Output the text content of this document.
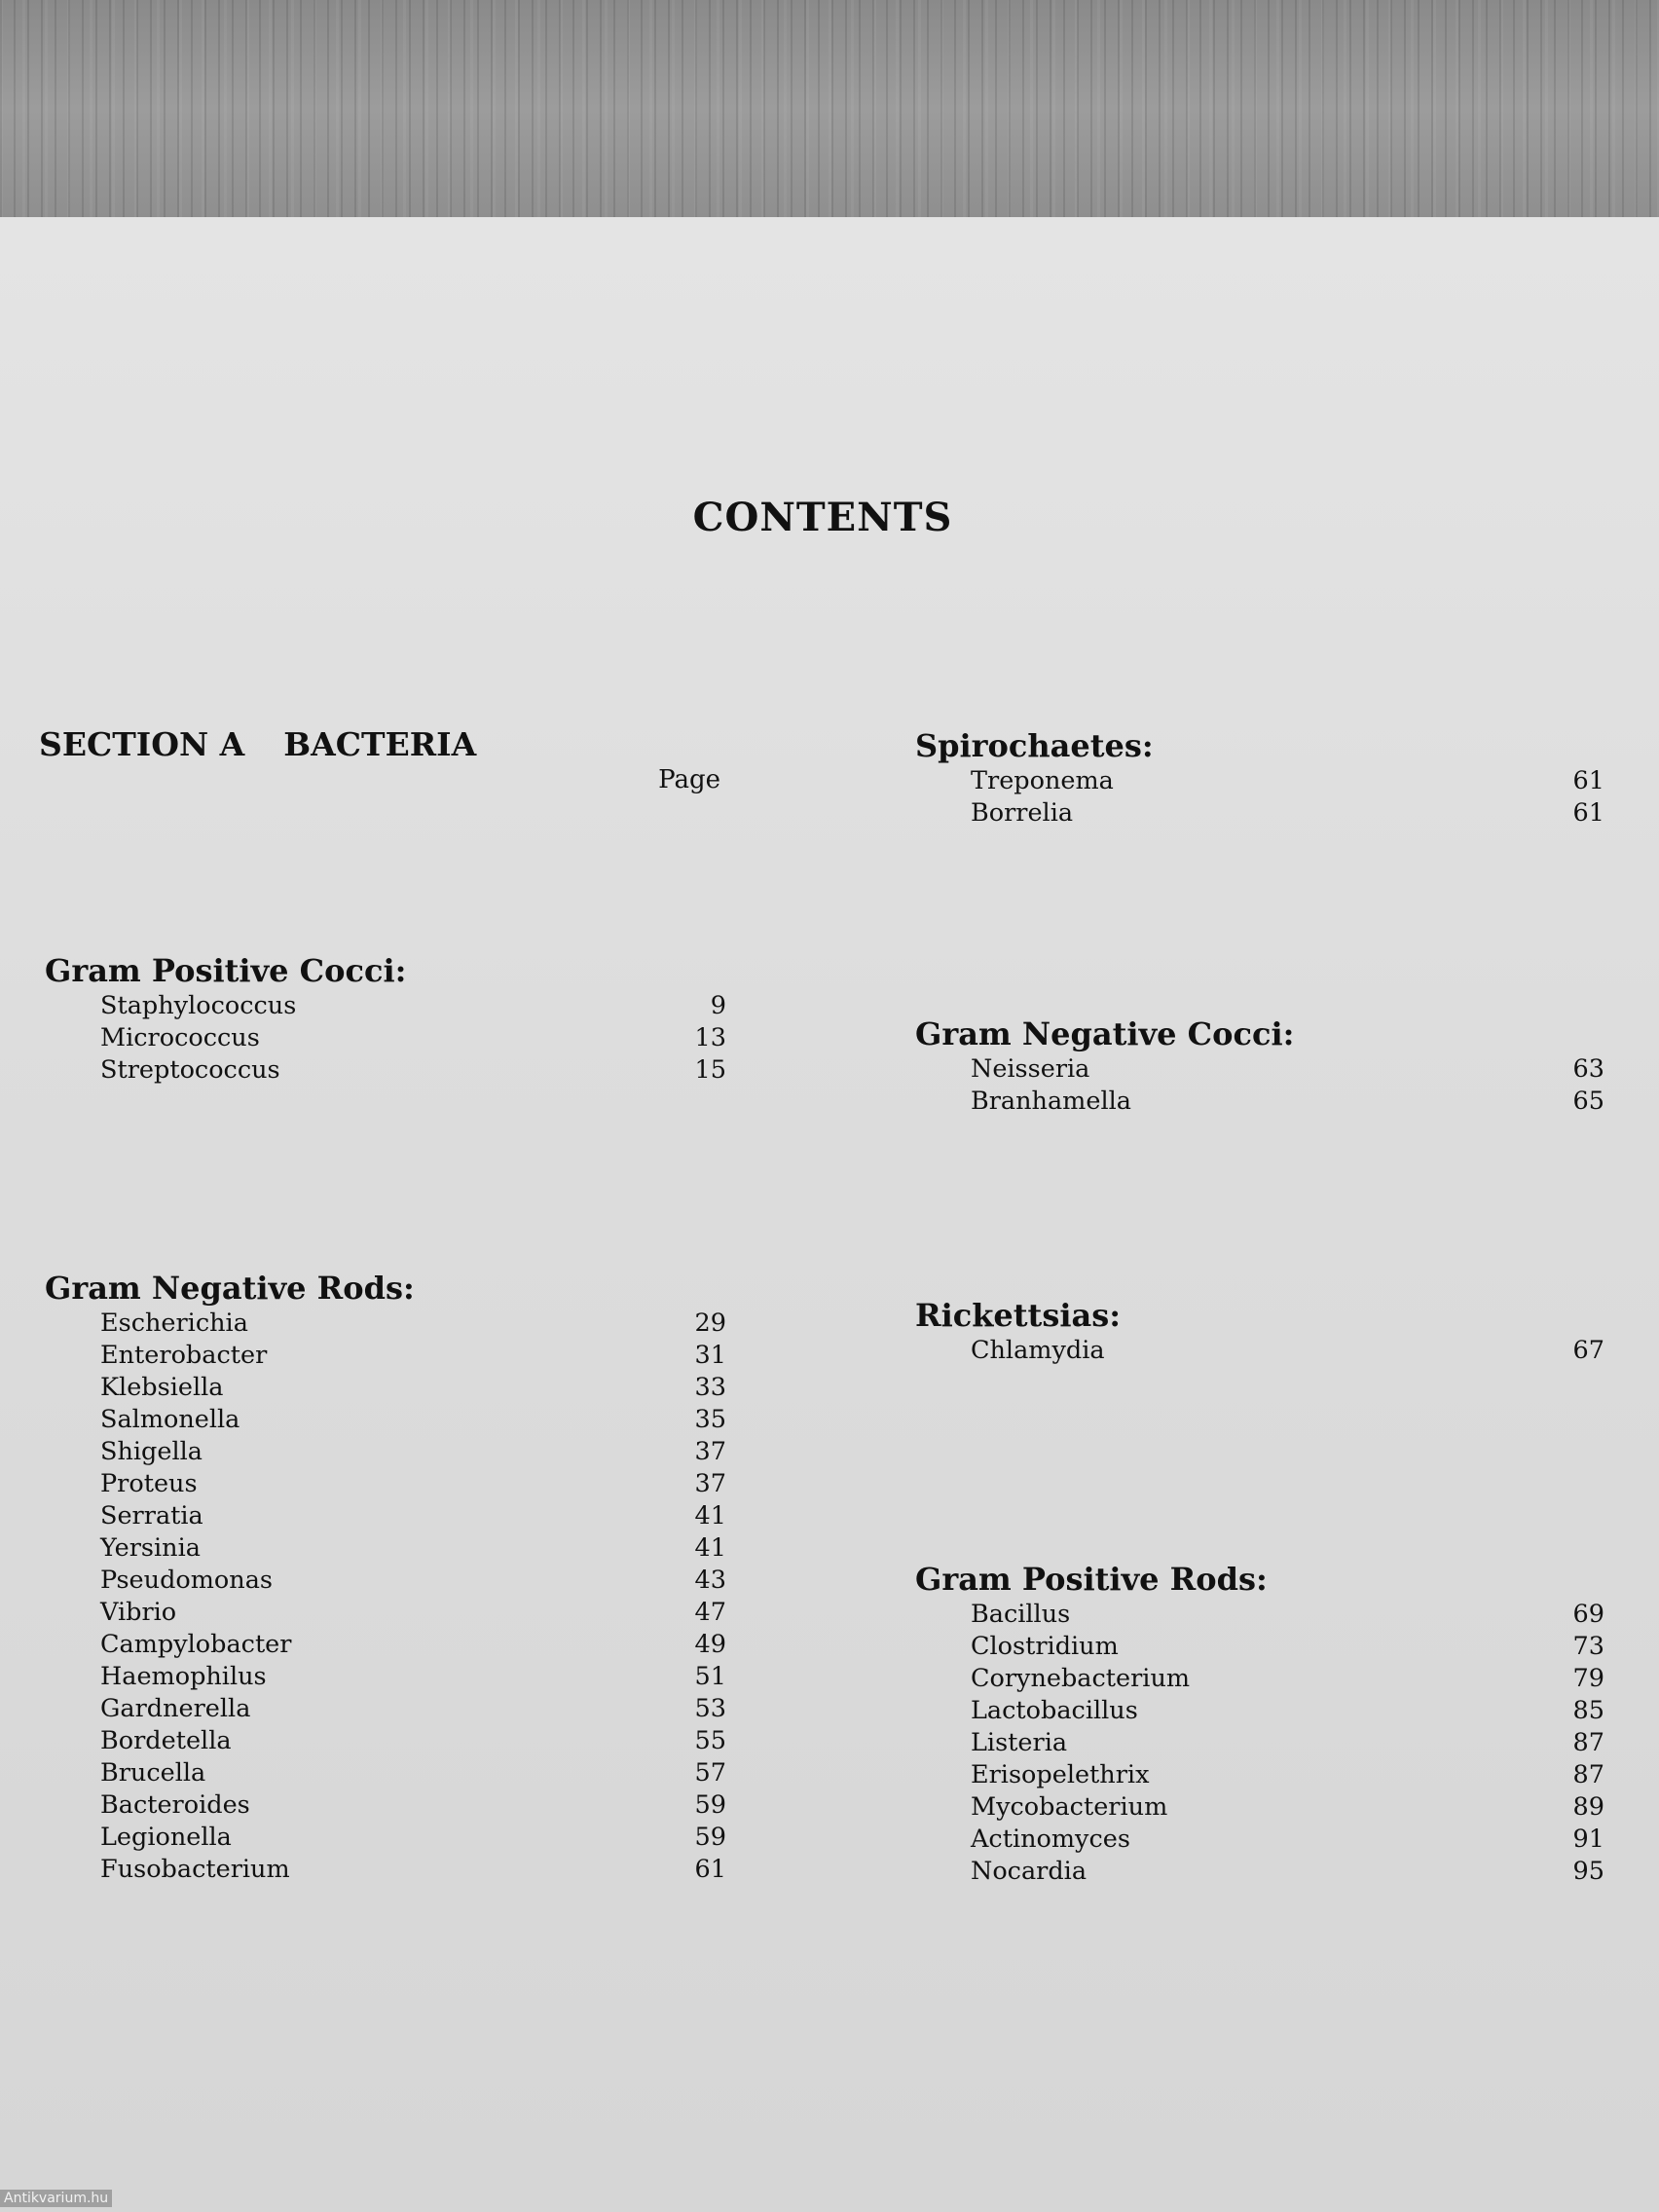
CONTENTS
SECTION A BACTERIA
Page
Gram Positive Cocci:
Staphylococcus	9
Micrococcus	13
Streptococcus	15
Gram Negative Rods:
Escherichia	29
Enterobacter	31
Klebsiella	33
Salmonella	35
Shigella	37
Proteus	37
Serratia	41
Yersinia	41
Pseudomonas	43
Vibrio	47
Campylobacter	49
Haemophilus	51
Gardnerella	53
Bordetella	55
Brucella	57
Bacteroides	59
Legionella	59
Fusobacterium	61
Spirochaetes:
Treponema	61
Borrelia	61
Gram Negative Cocci:
Neisseria	63
Branhamella	65
Rickettsias:
Chlamydia	67
Gram Positive Rods:
Bacillus	69
Clostridium	73
Corynebacterium	79
Lactobacillus	85
Listeria	87
Erisopelethrix	87
Mycobacterium	89
Actinomyces	91
Nocardia	95
Antikvarium.hu
